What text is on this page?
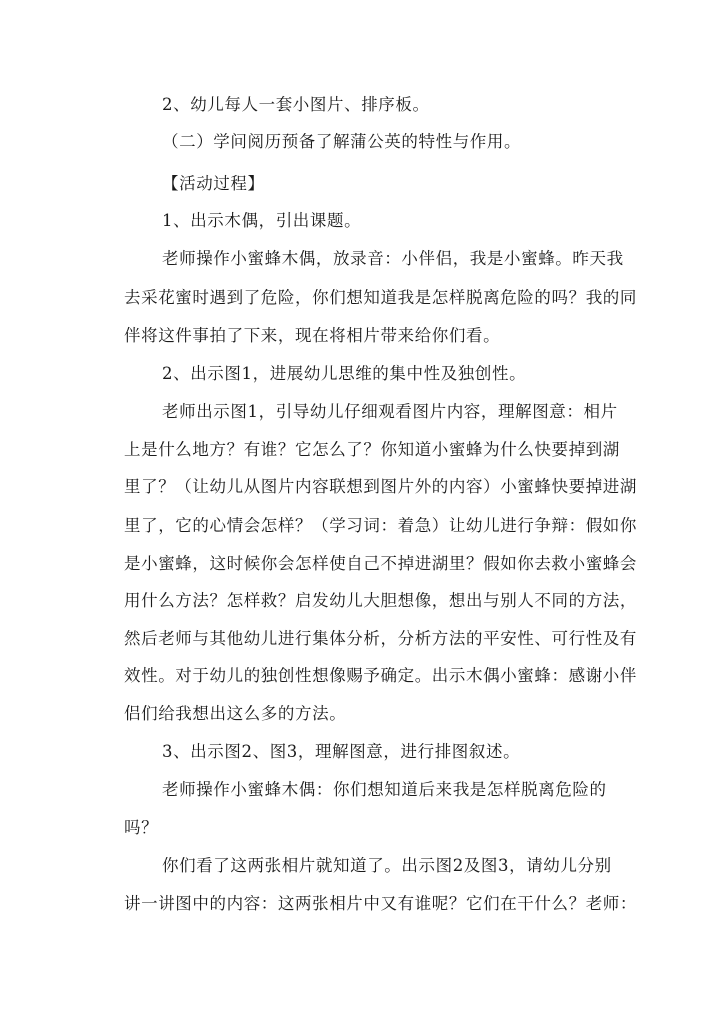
2、幼儿每人一套小图片、排序板。
（二）学问阅历预备了解蒲公英的特性与作用。
【活动过程】
1、出示木偶，引出课题。
老师操作小蜜蜂木偶，放录音：小伴侣，我是小蜜蜂。昨天我
去采花蜜时遇到了危险，你们想知道我是怎样脱离危险的吗？我的同
伴将这件事拍了下来，现在将相片带来给你们看。
2、出示图1，进展幼儿思维的集中性及独创性。
老师出示图1，引导幼儿仔细观看图片内容，理解图意：相片
上是什么地方？有谁？它怎么了？你知道小蜜蜂为什么快要掉到湖
里了？（让幼儿从图片内容联想到图片外的内容）小蜜蜂快要掉进湖
里了，它的心情会怎样？（学习词：着急）让幼儿进行争辩：假如你
是小蜜蜂，这时候你会怎样使自己不掉进湖里？假如你去救小蜜蜂会
用什么方法？怎样救？启发幼儿大胆想像，想出与别人不同的方法，
然后老师与其他幼儿进行集体分析，分析方法的平安性、可行性及有
效性。对于幼儿的独创性想像赐予确定。出示木偶小蜜蜂：感谢小伴
侣们给我想出这么多的方法。
3、出示图2、图3，理解图意，进行排图叙述。
老师操作小蜜蜂木偶：你们想知道后来我是怎样脱离危险的
吗？
你们看了这两张相片就知道了。出示图2及图3，请幼儿分别
讲一讲图中的内容：这两张相片中又有谁呢？它们在干什么？老师：
